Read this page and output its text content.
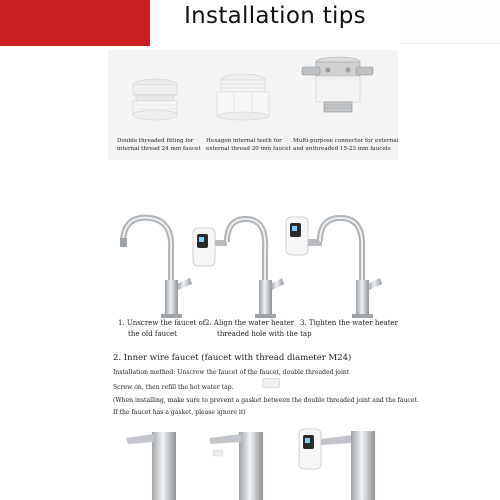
Installation tips
Double threaded fitting for
internal thread 24 mm faucet
Hexagon internal teeth for
external thread 20 mm faucet
Multi-purpose connector for external
and unthreaded 15-23 mm faucets
1. Unscrew the faucet of
the old faucet
2. Align the water heater
threaded hole with the tap
3. Tighten the water heater
2. Inner wire faucet (faucet with thread diameter M24)
Installation method: Unscrew the faucet of the faucet, double threaded joint
Screw on, then refill the hot water tap.
(When installing, make sure to prevent a gasket between the double threaded joint and the faucet.
If the faucet has a gasket, please ignore it)
